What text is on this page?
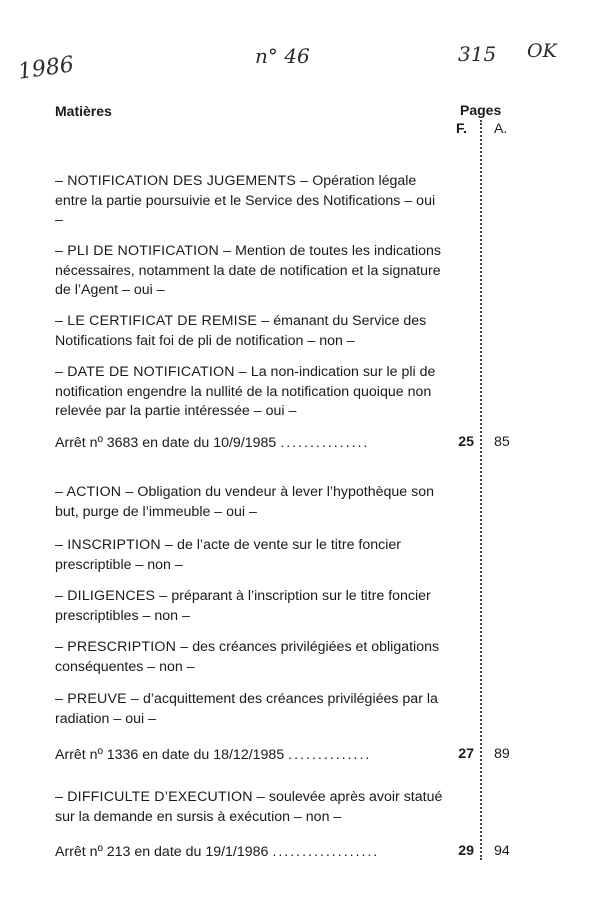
1986	n° 46	315 OK
Matières	Pages
F. A.

– NOTIFICATION DES JUGEMENTS – Opération légale entre la partie poursuivie et le Service des Notifications – oui –

– PLI DE NOTIFICATION – Mention de toutes les indications nécessaires, notamment la date de notification et la signature de l’Agent – oui –

– LE CERTIFICAT DE REMISE – émanant du Service des Notifications fait foi de pli de notification – non –

– DATE DE NOTIFICATION – La non-indication sur le pli de notification engendre la nullité de la notification quoique non relevée par la partie intéressée – oui –

Arrêt nº 3683 en date du 10/9/1985 ...............	25 85

– ACTION – Obligation du vendeur à lever l’hypothèque son but, purge de l’immeuble – oui –

– INSCRIPTION – de l’acte de vente sur le titre foncier prescriptible – non –

– DILIGENCES – préparant à l’inscription sur le titre foncier prescriptibles – non –

– PRESCRIPTION – des créances privilégiées et obligations conséquentes – non –

– PREUVE – d’acquittement des créances privilégiées par la radiation – oui –

Arrêt nº 1336 en date du 18/12/1985 ..............	27 89

– DIFFICULTE D’EXECUTION – soulevée après avoir statué sur la demande en sursis à exécution – non –

Arrêt nº 213 en date du 19/1/1986 ..................	29 94
